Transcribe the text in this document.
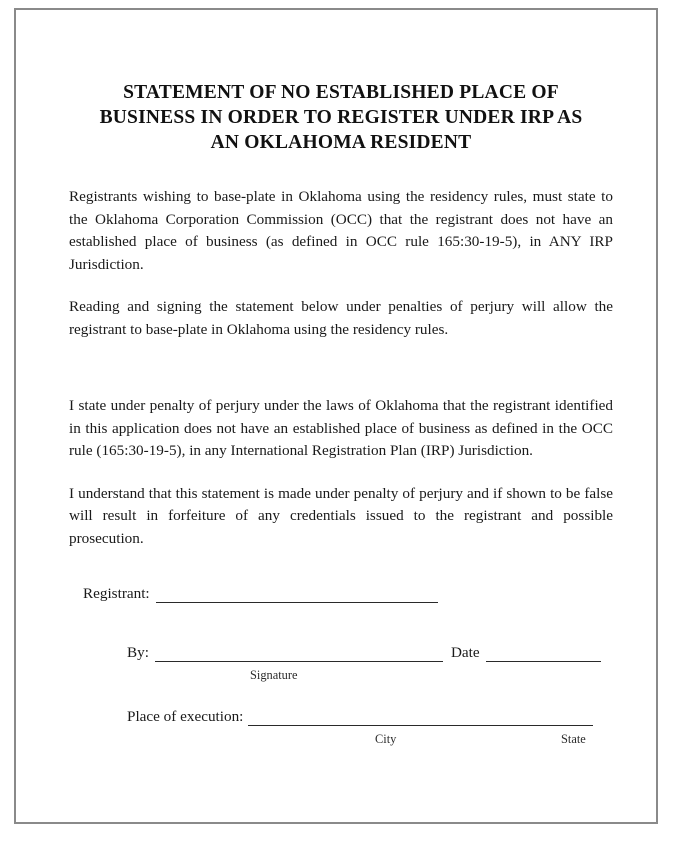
STATEMENT OF NO ESTABLISHED PLACE OF
BUSINESS IN ORDER TO REGISTER UNDER IRP AS
AN OKLAHOMA RESIDENT

Registrants wishing to base-plate in Oklahoma using the residency rules, must state to the Oklahoma Corporation Commission (OCC) that the registrant does not have an established place of business (as defined in OCC rule 165:30-19-5), in ANY IRP Jurisdiction.

Reading and signing the statement below under penalties of perjury will allow the registrant to base-plate in Oklahoma using the residency rules.

I state under penalty of perjury under the laws of Oklahoma that the registrant identified in this application does not have an established place of business as defined in the OCC rule (165:30-19-5), in any International Registration Plan (IRP) Jurisdiction.

I understand that this statement is made under penalty of perjury and if shown to be false will result in forfeiture of any credentials issued to the registrant and possible prosecution.

Registrant:
By:	Date
Signature
Place of execution:
City	State
